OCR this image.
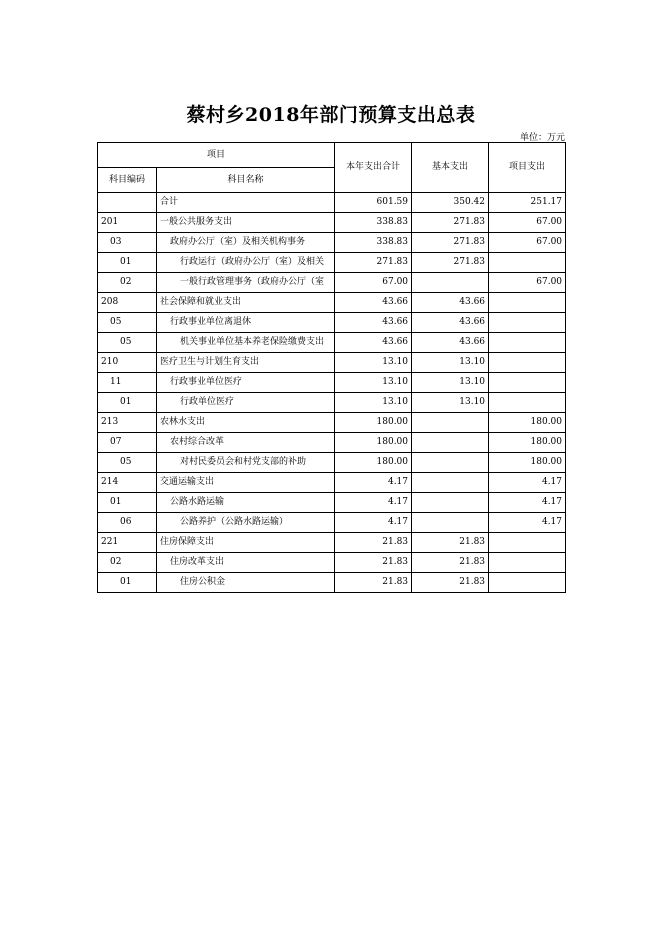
蔡村乡2018年部门预算支出总表
单位：万元
项目		本年支出合计	基本支出	项目支出
科目编码	科目名称			
	合计	601.59	350.42	251.17
201	一般公共服务支出	338.83	271.83	67.00
03	政府办公厅（室）及相关机构事务	338.83	271.83	67.00
01	行政运行（政府办公厅（室）及相关	271.83	271.83	
02	一般行政管理事务（政府办公厅（室	67.00		67.00
208	社会保障和就业支出	43.66	43.66	
05	行政事业单位离退休	43.66	43.66	
05	机关事业单位基本养老保险缴费支出	43.66	43.66	
210	医疗卫生与计划生育支出	13.10	13.10	
11	行政事业单位医疗	13.10	13.10	
01	行政单位医疗	13.10	13.10	
213	农林水支出	180.00		180.00
07	农村综合改革	180.00		180.00
05	对村民委员会和村党支部的补助	180.00		180.00
214	交通运输支出	4.17		4.17
01	公路水路运输	4.17		4.17
06	公路养护（公路水路运输）	4.17		4.17
221	住房保障支出	21.83	21.83	
02	住房改革支出	21.83	21.83	
01	住房公积金	21.83	21.83	
